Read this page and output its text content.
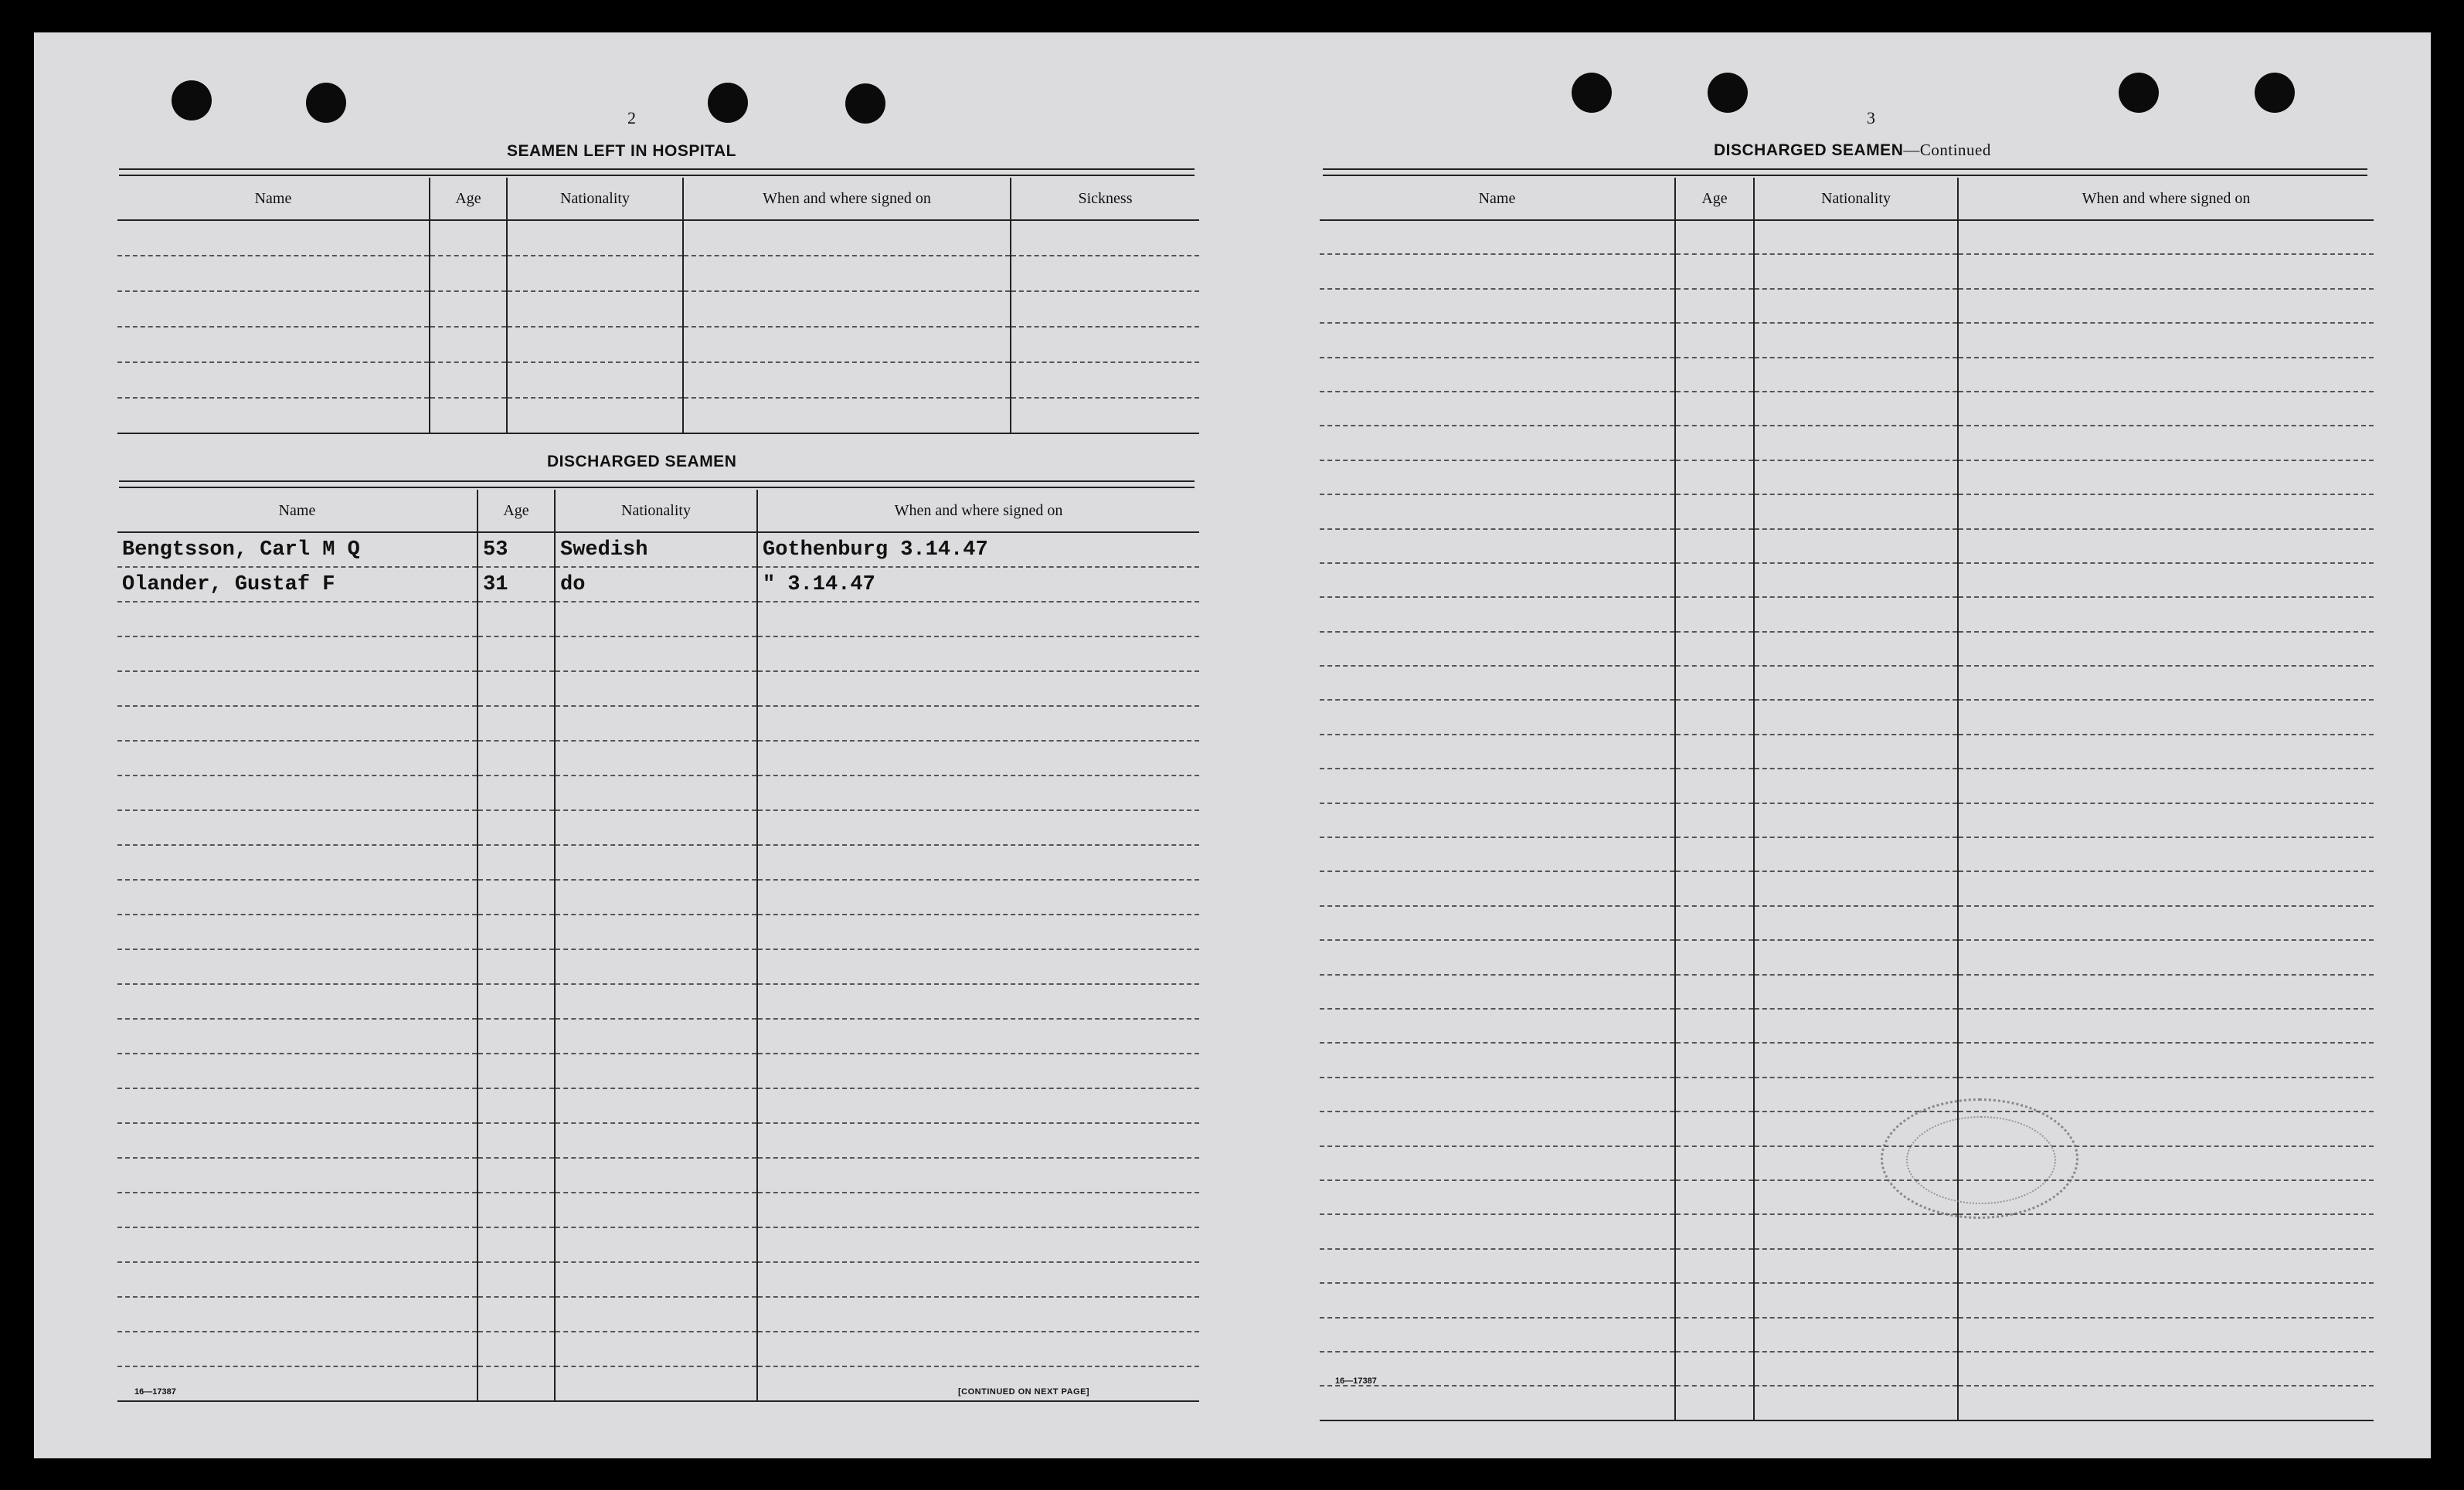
2
SEAMEN LEFT IN HOSPITAL
Name	Age	Nationality	When and where signed on	Sickness

DISCHARGED SEAMEN
Name	Age	Nationality	When and where signed on
Bengtsson, Carl M Q	53	Swedish	Gothenburg 3.14.47
Olander, Gustaf F	31	do	" 3.14.47

16—17387	[CONTINUED ON NEXT PAGE]
3
DISCHARGED SEAMEN—Continued
Name	Age	Nationality	When and where signed on

16—17387
